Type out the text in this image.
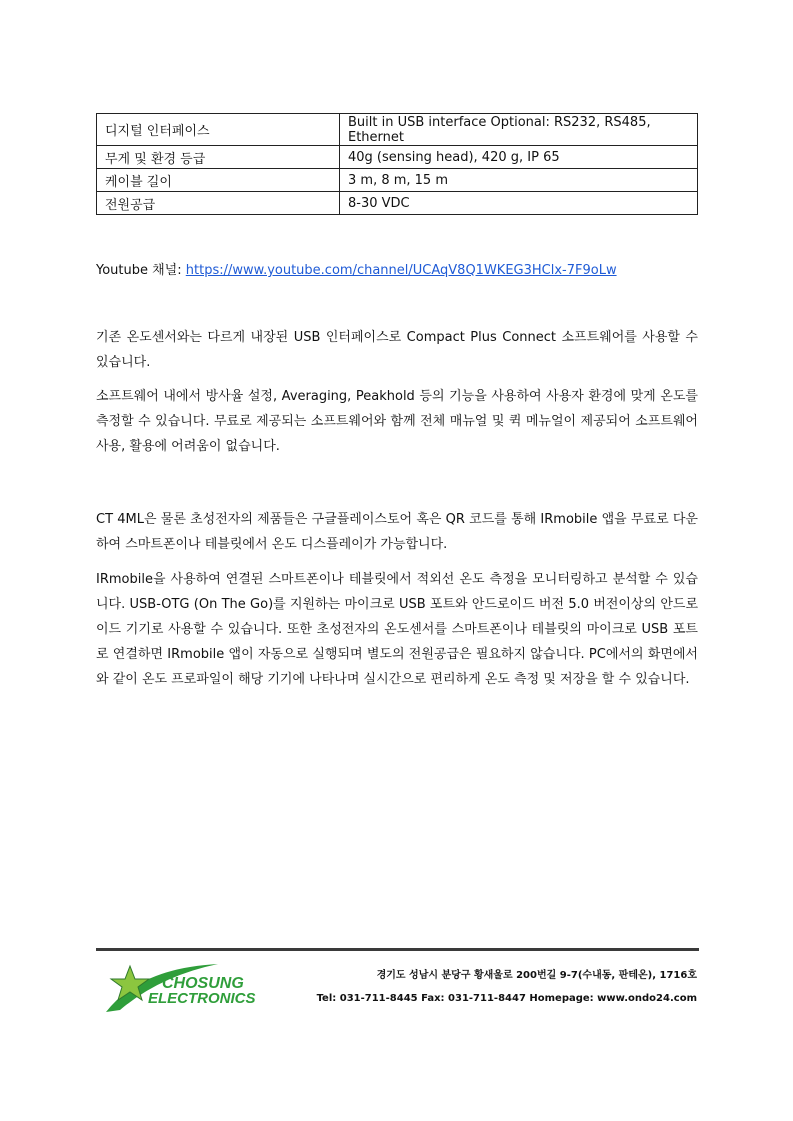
디지털 인터페이스	Built in USB interface Optional: RS232, RS485, Ethernet
무게 및 환경 등급	40g (sensing head), 420 g, IP 65
케이블 길이	3 m, 8 m, 15 m
전원공급	8-30 VDC
Youtube 채널: https://www.youtube.com/channel/UCAqV8Q1WKEG3HClx-7F9oLw

기존 온도센서와는 다르게 내장된 USB 인터페이스로 Compact Plus Connect 소프트웨어를 사용할 수 있습니다.

소프트웨어 내에서 방사율 설정, Averaging, Peakhold 등의 기능을 사용하여 사용자 환경에 맞게 온도를 측정할 수 있습니다. 무료로 제공되는 소프트웨어와 함께 전체 매뉴얼 및 퀵 메뉴얼이 제공되어 소프트웨어 사용, 활용에 어려움이 없습니다.

CT 4ML은 물론 초성전자의 제품들은 구글플레이스토어 혹은 QR 코드를 통해 IRmobile 앱을 무료로 다운하여 스마트폰이나 테블릿에서 온도 디스플레이가 가능합니다.

IRmobile을 사용하여 연결된 스마트폰이나 테블릿에서 적외선 온도 측정을 모니터링하고 분석할 수 있습니다. USB-OTG (On The Go)를 지원하는 마이크로 USB 포트와 안드로이드 버전 5.0 버전이상의 안드로이드 기기로 사용할 수 있습니다. 또한 초성전자의 온도센서를 스마트폰이나 테블릿의 마이크로 USB 포트로 연결하면 IRmobile 앱이 자동으로 실행되며 별도의 전원공급은 필요하지 않습니다. PC에서의 화면에서와 같이 온도 프로파일이 해당 기기에 나타나며 실시간으로 편리하게 온도 측정 및 저장을 할 수 있습니다.

CHOSUNG
ELECTRONICS
경기도 성남시 분당구 황새울로 200번길 9-7(수내동, 판테온), 1716호
Tel: 031-711-8445 Fax: 031-711-8447 Homepage: www.ondo24.com
